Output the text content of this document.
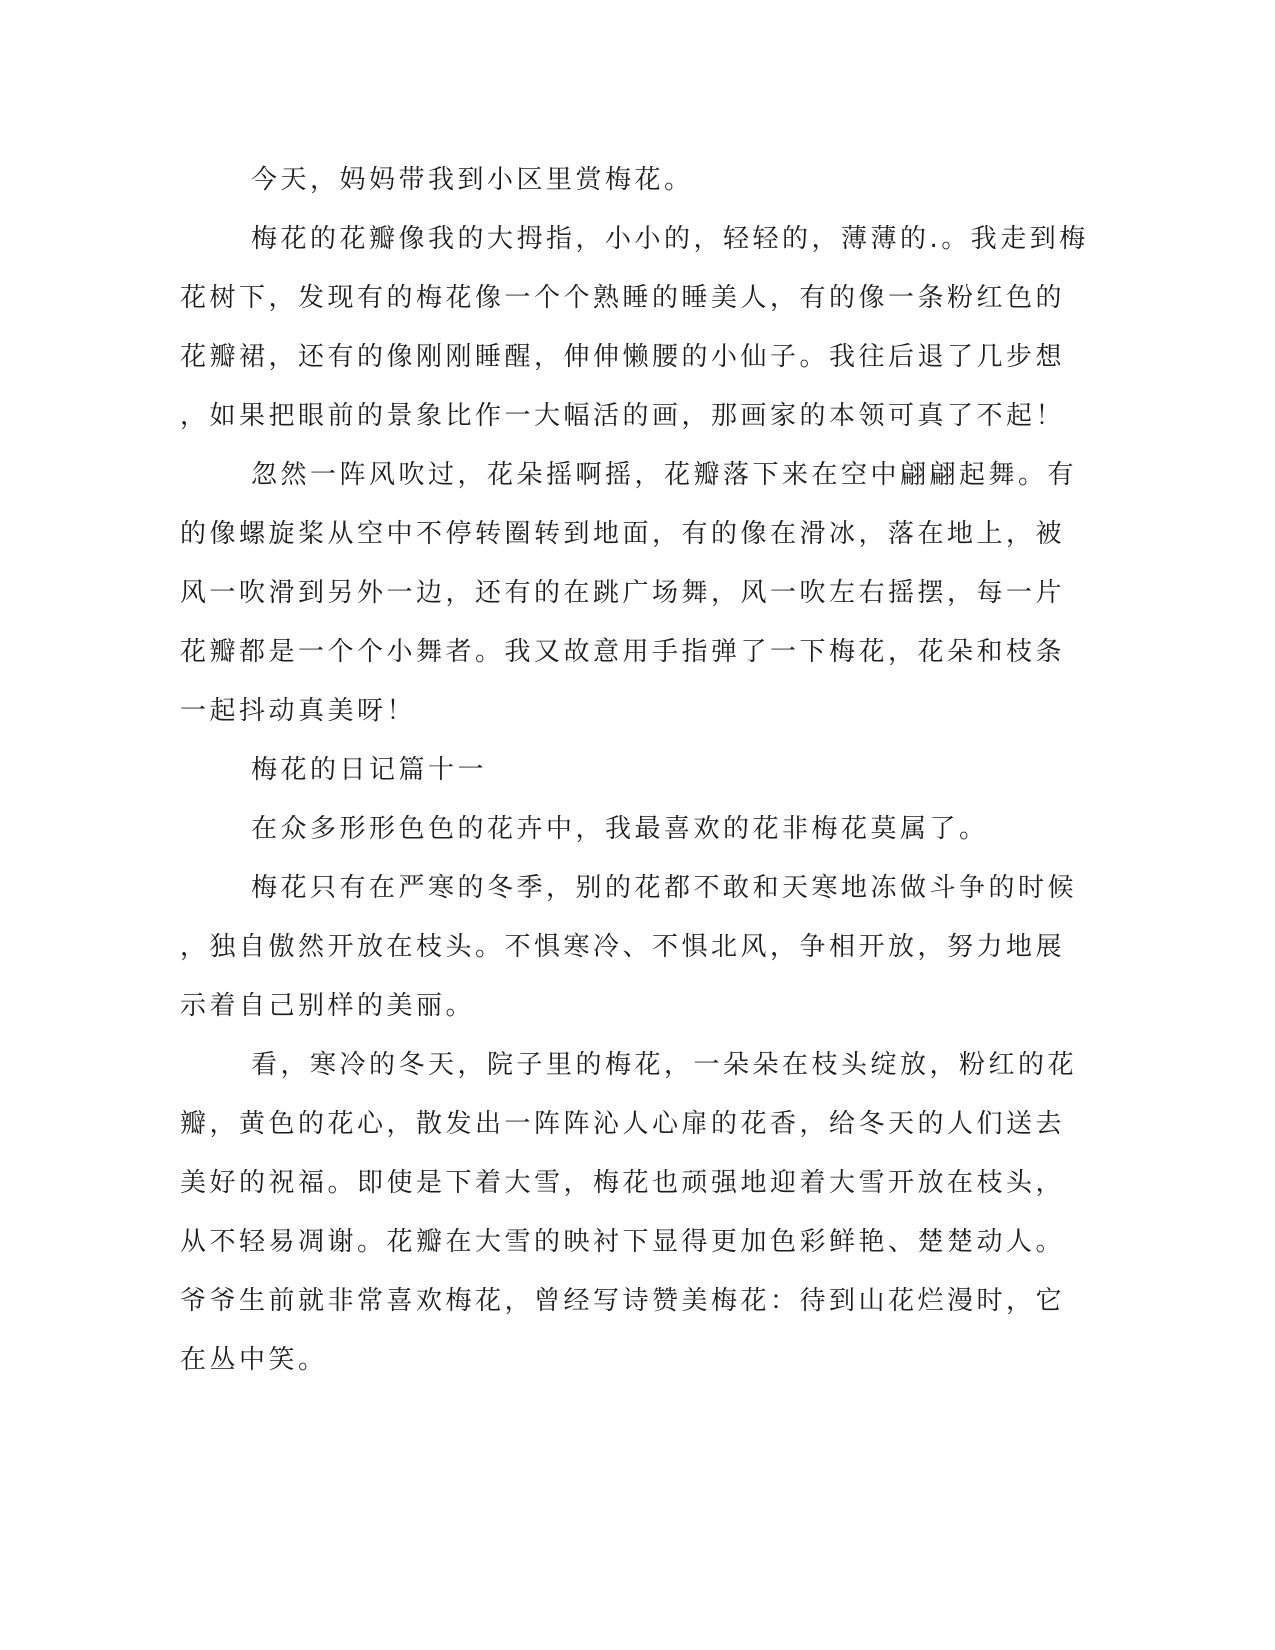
今天，妈妈带我到小区里赏梅花。
梅花的花瓣像我的大拇指，小小的，轻轻的，薄薄的.。我走到梅
花树下，发现有的梅花像一个个熟睡的睡美人，有的像一条粉红色的
花瓣裙，还有的像刚刚睡醒，伸伸懒腰的小仙子。我往后退了几步想
，如果把眼前的景象比作一大幅活的画，那画家的本领可真了不起！
忽然一阵风吹过，花朵摇啊摇，花瓣落下来在空中翩翩起舞。有
的像螺旋桨从空中不停转圈转到地面，有的像在滑冰，落在地上，被
风一吹滑到另外一边，还有的在跳广场舞，风一吹左右摇摆，每一片
花瓣都是一个个小舞者。我又故意用手指弹了一下梅花，花朵和枝条
一起抖动真美呀！
梅花的日记篇十一
在众多形形色色的花卉中，我最喜欢的花非梅花莫属了。
梅花只有在严寒的冬季，别的花都不敢和天寒地冻做斗争的时候
，独自傲然开放在枝头。不惧寒冷、不惧北风，争相开放，努力地展
示着自己别样的美丽。
看，寒冷的冬天，院子里的梅花，一朵朵在枝头绽放，粉红的花
瓣，黄色的花心，散发出一阵阵沁人心扉的花香，给冬天的人们送去
美好的祝福。即使是下着大雪，梅花也顽强地迎着大雪开放在枝头，
从不轻易凋谢。花瓣在大雪的映衬下显得更加色彩鲜艳、楚楚动人。
爷爷生前就非常喜欢梅花，曾经写诗赞美梅花：待到山花烂漫时，它
在丛中笑。
